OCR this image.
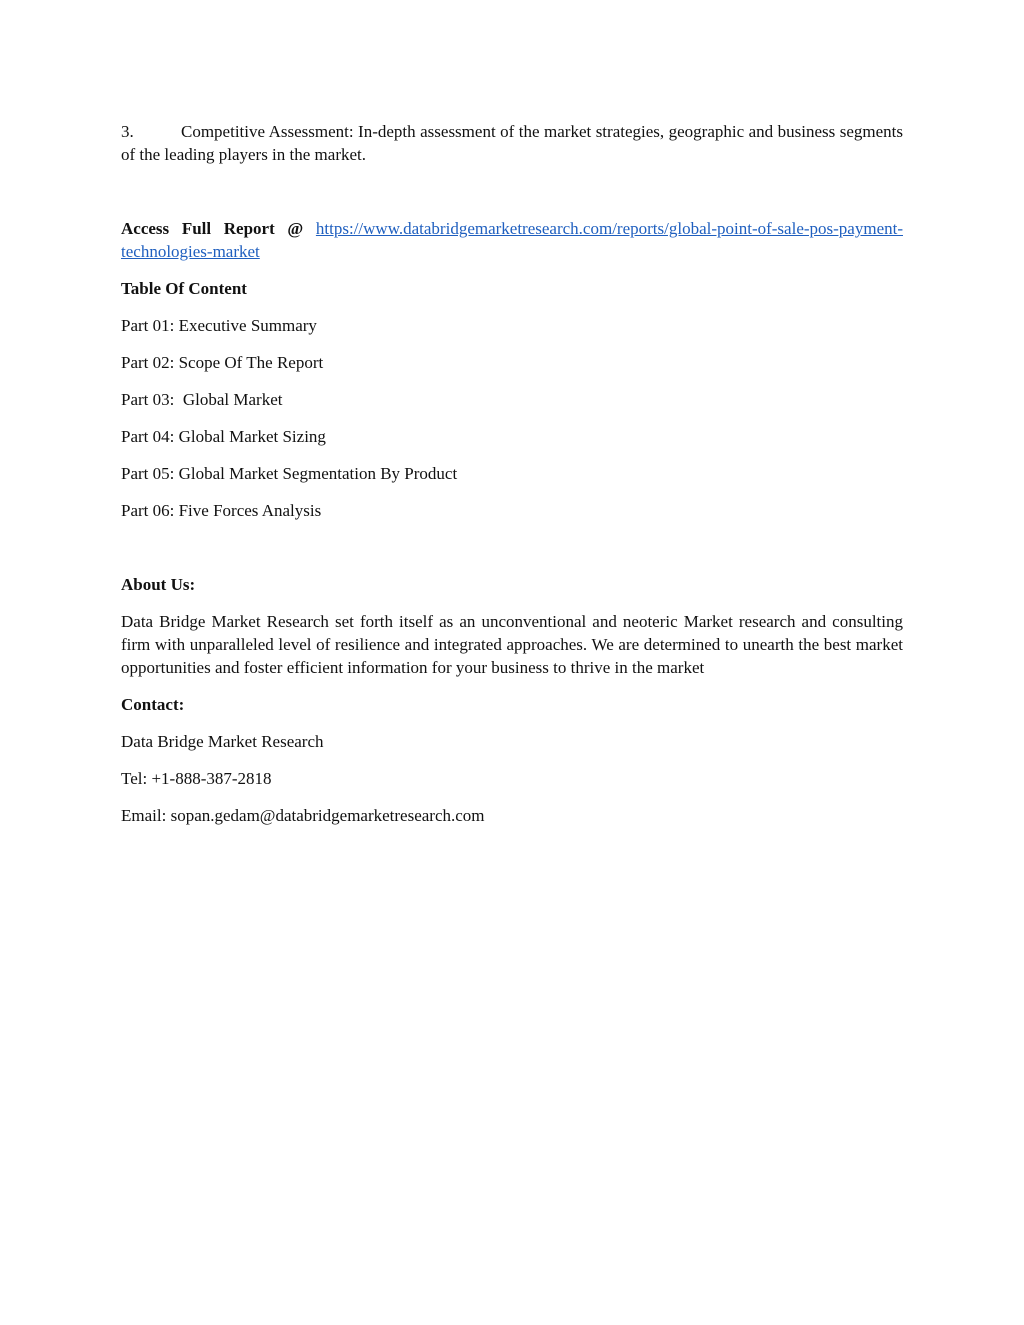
3.	Competitive Assessment: In-depth assessment of the market strategies, geographic and business segments of the leading players in the market.

Access Full Report @ https://www.databridgemarketresearch.com/reports/global-point-of-sale-pos-payment-technologies-market

Table Of Content

Part 01: Executive Summary
Part 02: Scope Of The Report
Part 03:  Global Market
Part 04: Global Market Sizing
Part 05: Global Market Segmentation By Product
Part 06: Five Forces Analysis

About Us:

Data Bridge Market Research set forth itself as an unconventional and neoteric Market research and consulting firm with unparalleled level of resilience and integrated approaches. We are determined to unearth the best market opportunities and foster efficient information for your business to thrive in the market

Contact:

Data Bridge Market Research

Tel: +1-888-387-2818

Email: sopan.gedam@databridgemarketresearch.com
